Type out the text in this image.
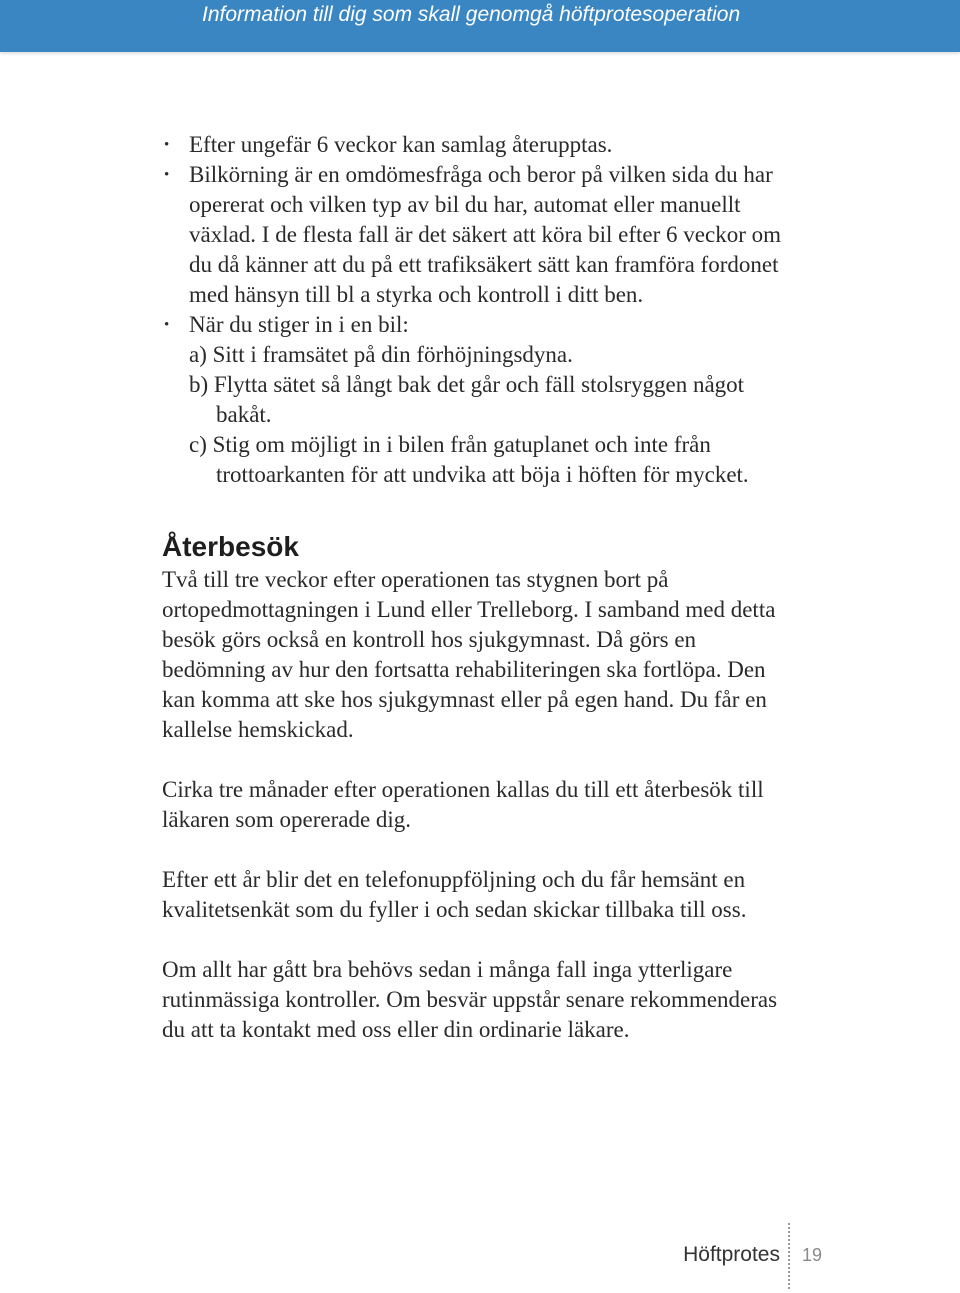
Information till dig som skall genomgå höftprotesoperation
• Efter ungefär 6 veckor kan samlag återupptas.
• Bilkörning är en omdömesfråga och beror på vilken sida du har opererat och vilken typ av bil du har, automat eller manuellt växlad. I de flesta fall är det säkert att köra bil efter 6 veckor om du då känner att du på ett trafiksäkert sätt kan framföra fordonet med hänsyn till bl a styrka och kontroll i ditt ben.
• När du stiger in i en bil:
a) Sitt i framsätet på din förhöjningsdyna.
b) Flytta sätet så långt bak det går och fäll stolsryggen något bakåt.
c) Stig om möjligt in i bilen från gatuplanet och inte från trottoarkanten för att undvika att böja i höften för mycket.
Återbesök

Två till tre veckor efter operationen tas stygnen bort på ortopedmottagningen i Lund eller Trelleborg. I samband med detta besök görs också en kontroll hos sjukgymnast. Då görs en bedömning av hur den fortsatta rehabiliteringen ska fortlöpa. Den kan komma att ske hos sjukgymnast eller på egen hand. Du får en kallelse hemskickad.

Cirka tre månader efter operationen kallas du till ett återbesök till läkaren som opererade dig.

Efter ett år blir det en telefonuppföljning och du får hemsänt en kvalitetsenkät som du fyller i och sedan skickar tillbaka till oss.

Om allt har gått bra behövs sedan i många fall inga ytterligare rutinmässiga kontroller. Om besvär uppstår senare rekommenderas du att ta kontakt med oss eller din ordinarie läkare.

Höftprotes 19
